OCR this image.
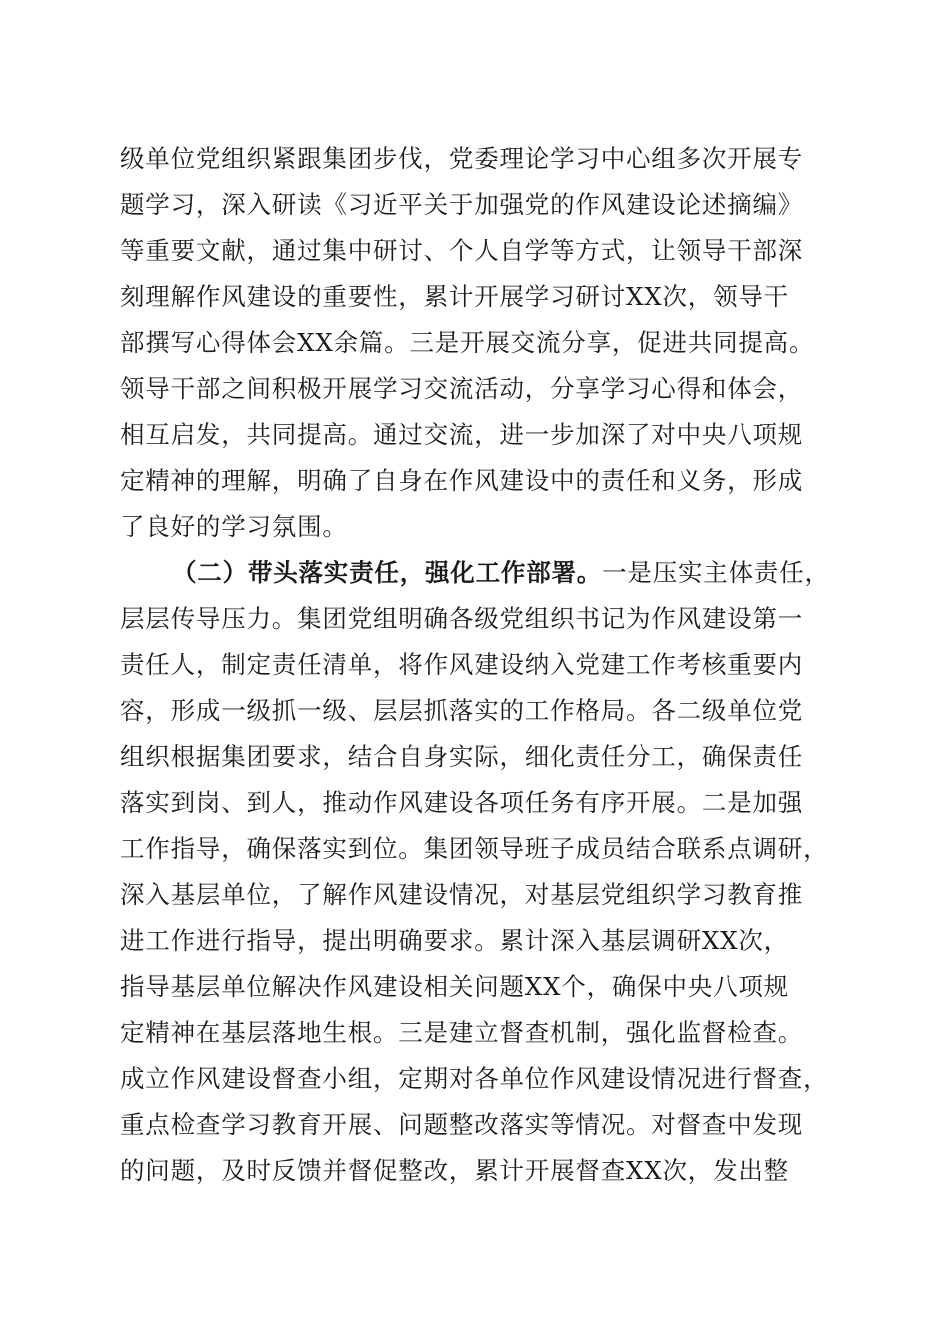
级单位党组织紧跟集团步伐，党委理论学习中心组多次开展专
题学习，深入研读《习近平关于加强党的作风建设论述摘编》
等重要文献，通过集中研讨、个人自学等方式，让领导干部深
刻理解作风建设的重要性，累计开展学习研讨XX次，领导干
部撰写心得体会XX余篇。三是开展交流分享，促进共同提高。
领导干部之间积极开展学习交流活动，分享学习心得和体会，
相互启发，共同提高。通过交流，进一步加深了对中央八项规
定精神的理解，明确了自身在作风建设中的责任和义务，形成
了良好的学习氛围。
（二）带头落实责任，强化工作部署。一是压实主体责任，
层层传导压力。集团党组明确各级党组织书记为作风建设第一
责任人，制定责任清单，将作风建设纳入党建工作考核重要内
容，形成一级抓一级、层层抓落实的工作格局。各二级单位党
组织根据集团要求，结合自身实际，细化责任分工，确保责任
落实到岗、到人，推动作风建设各项任务有序开展。二是加强
工作指导，确保落实到位。集团领导班子成员结合联系点调研，
深入基层单位，了解作风建设情况，对基层党组织学习教育推
进工作进行指导，提出明确要求。累计深入基层调研XX次，
指导基层单位解决作风建设相关问题XX个，确保中央八项规
定精神在基层落地生根。三是建立督查机制，强化监督检查。
成立作风建设督查小组，定期对各单位作风建设情况进行督查，
重点检查学习教育开展、问题整改落实等情况。对督查中发现
的问题，及时反馈并督促整改，累计开展督查XX次，发出整
